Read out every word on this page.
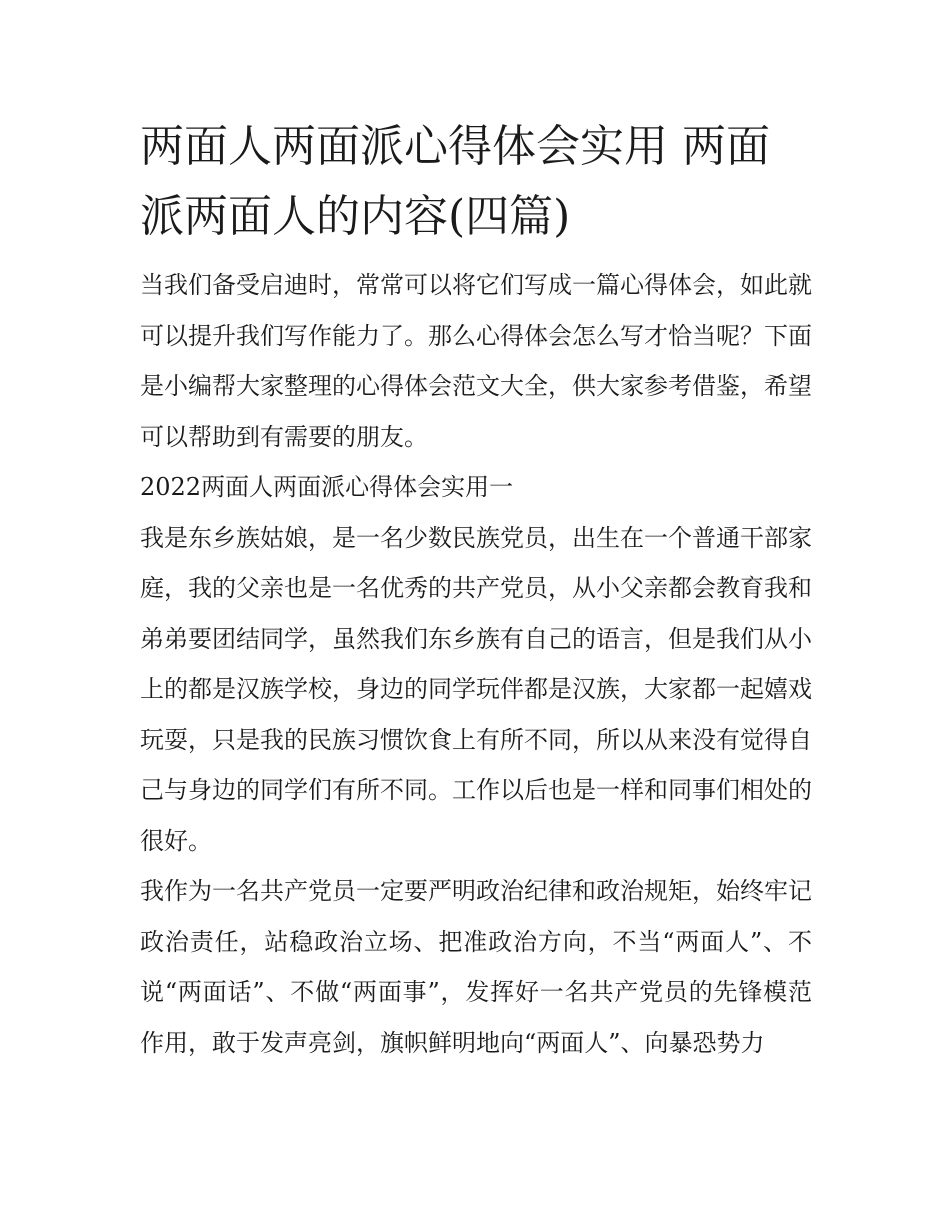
两面人两面派心得体会实用 两面派两面人的内容(四篇)

当我们备受启迪时，常常可以将它们写成一篇心得体会，如此就可以提升我们写作能力了。那么心得体会怎么写才恰当呢？下面是小编帮大家整理的心得体会范文大全，供大家参考借鉴，希望可以帮助到有需要的朋友。

2022两面人两面派心得体会实用一

我是东乡族姑娘，是一名少数民族党员，出生在一个普通干部家庭，我的父亲也是一名优秀的共产党员，从小父亲都会教育我和弟弟要团结同学，虽然我们东乡族有自己的语言，但是我们从小上的都是汉族学校，身边的同学玩伴都是汉族，大家都一起嬉戏玩耍，只是我的民族习惯饮食上有所不同，所以从来没有觉得自己与身边的同学们有所不同。工作以后也是一样和同事们相处的很好。

我作为一名共产党员一定要严明政治纪律和政治规矩，始终牢记政治责任，站稳政治立场、把准政治方向，不当“两面人”、不说“两面话”、不做“两面事”，发挥好一名共产党员的先锋模范作用，敢于发声亮剑，旗帜鲜明地向“两面人”、向暴恐势力
